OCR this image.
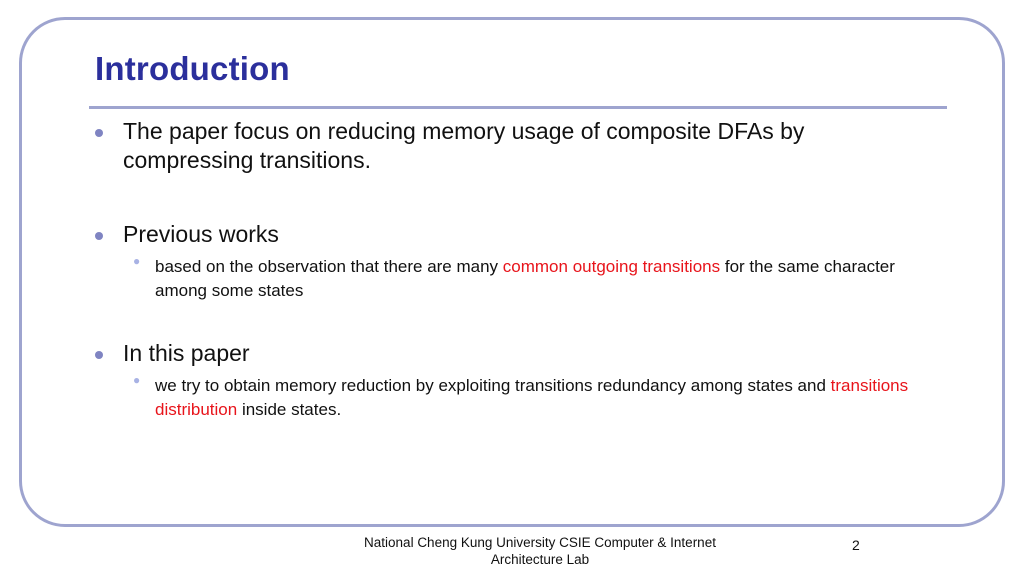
Introduction
The paper focus on reducing memory usage of composite DFAs by compressing transitions.
Previous works
● based on the observation that there are many common outgoing transitions for the same character among some states
In this paper
● we try to obtain memory reduction by exploiting transitions redundancy among states and transitions distribution inside states.
National Cheng Kung University CSIE Computer & Internet
Architecture Lab
2
